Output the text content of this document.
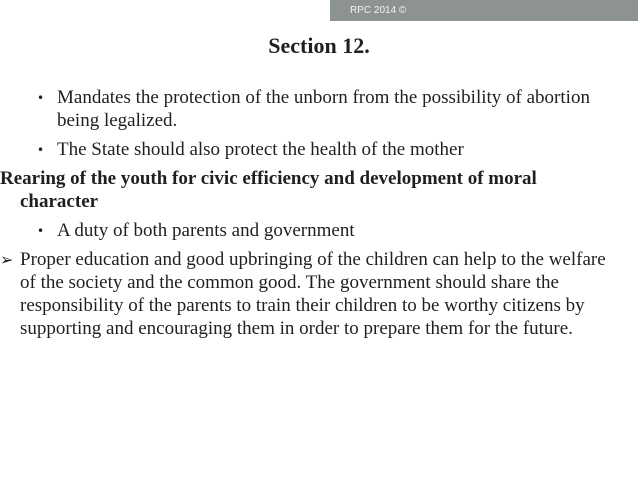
RPC 2014 ©
Section 12.
• Mandates the protection of the unborn from the possibility of abortion being legalized.
• The State should also protect the health of the mother
Rearing of the youth for civic efficiency and development of moral character
• A duty of both parents and government
➢ Proper education and good upbringing of the children can help to the welfare of the society and the common good. The government should share the responsibility of the parents to train their children to be worthy citizens by supporting and encouraging them in order to prepare them for the future.
